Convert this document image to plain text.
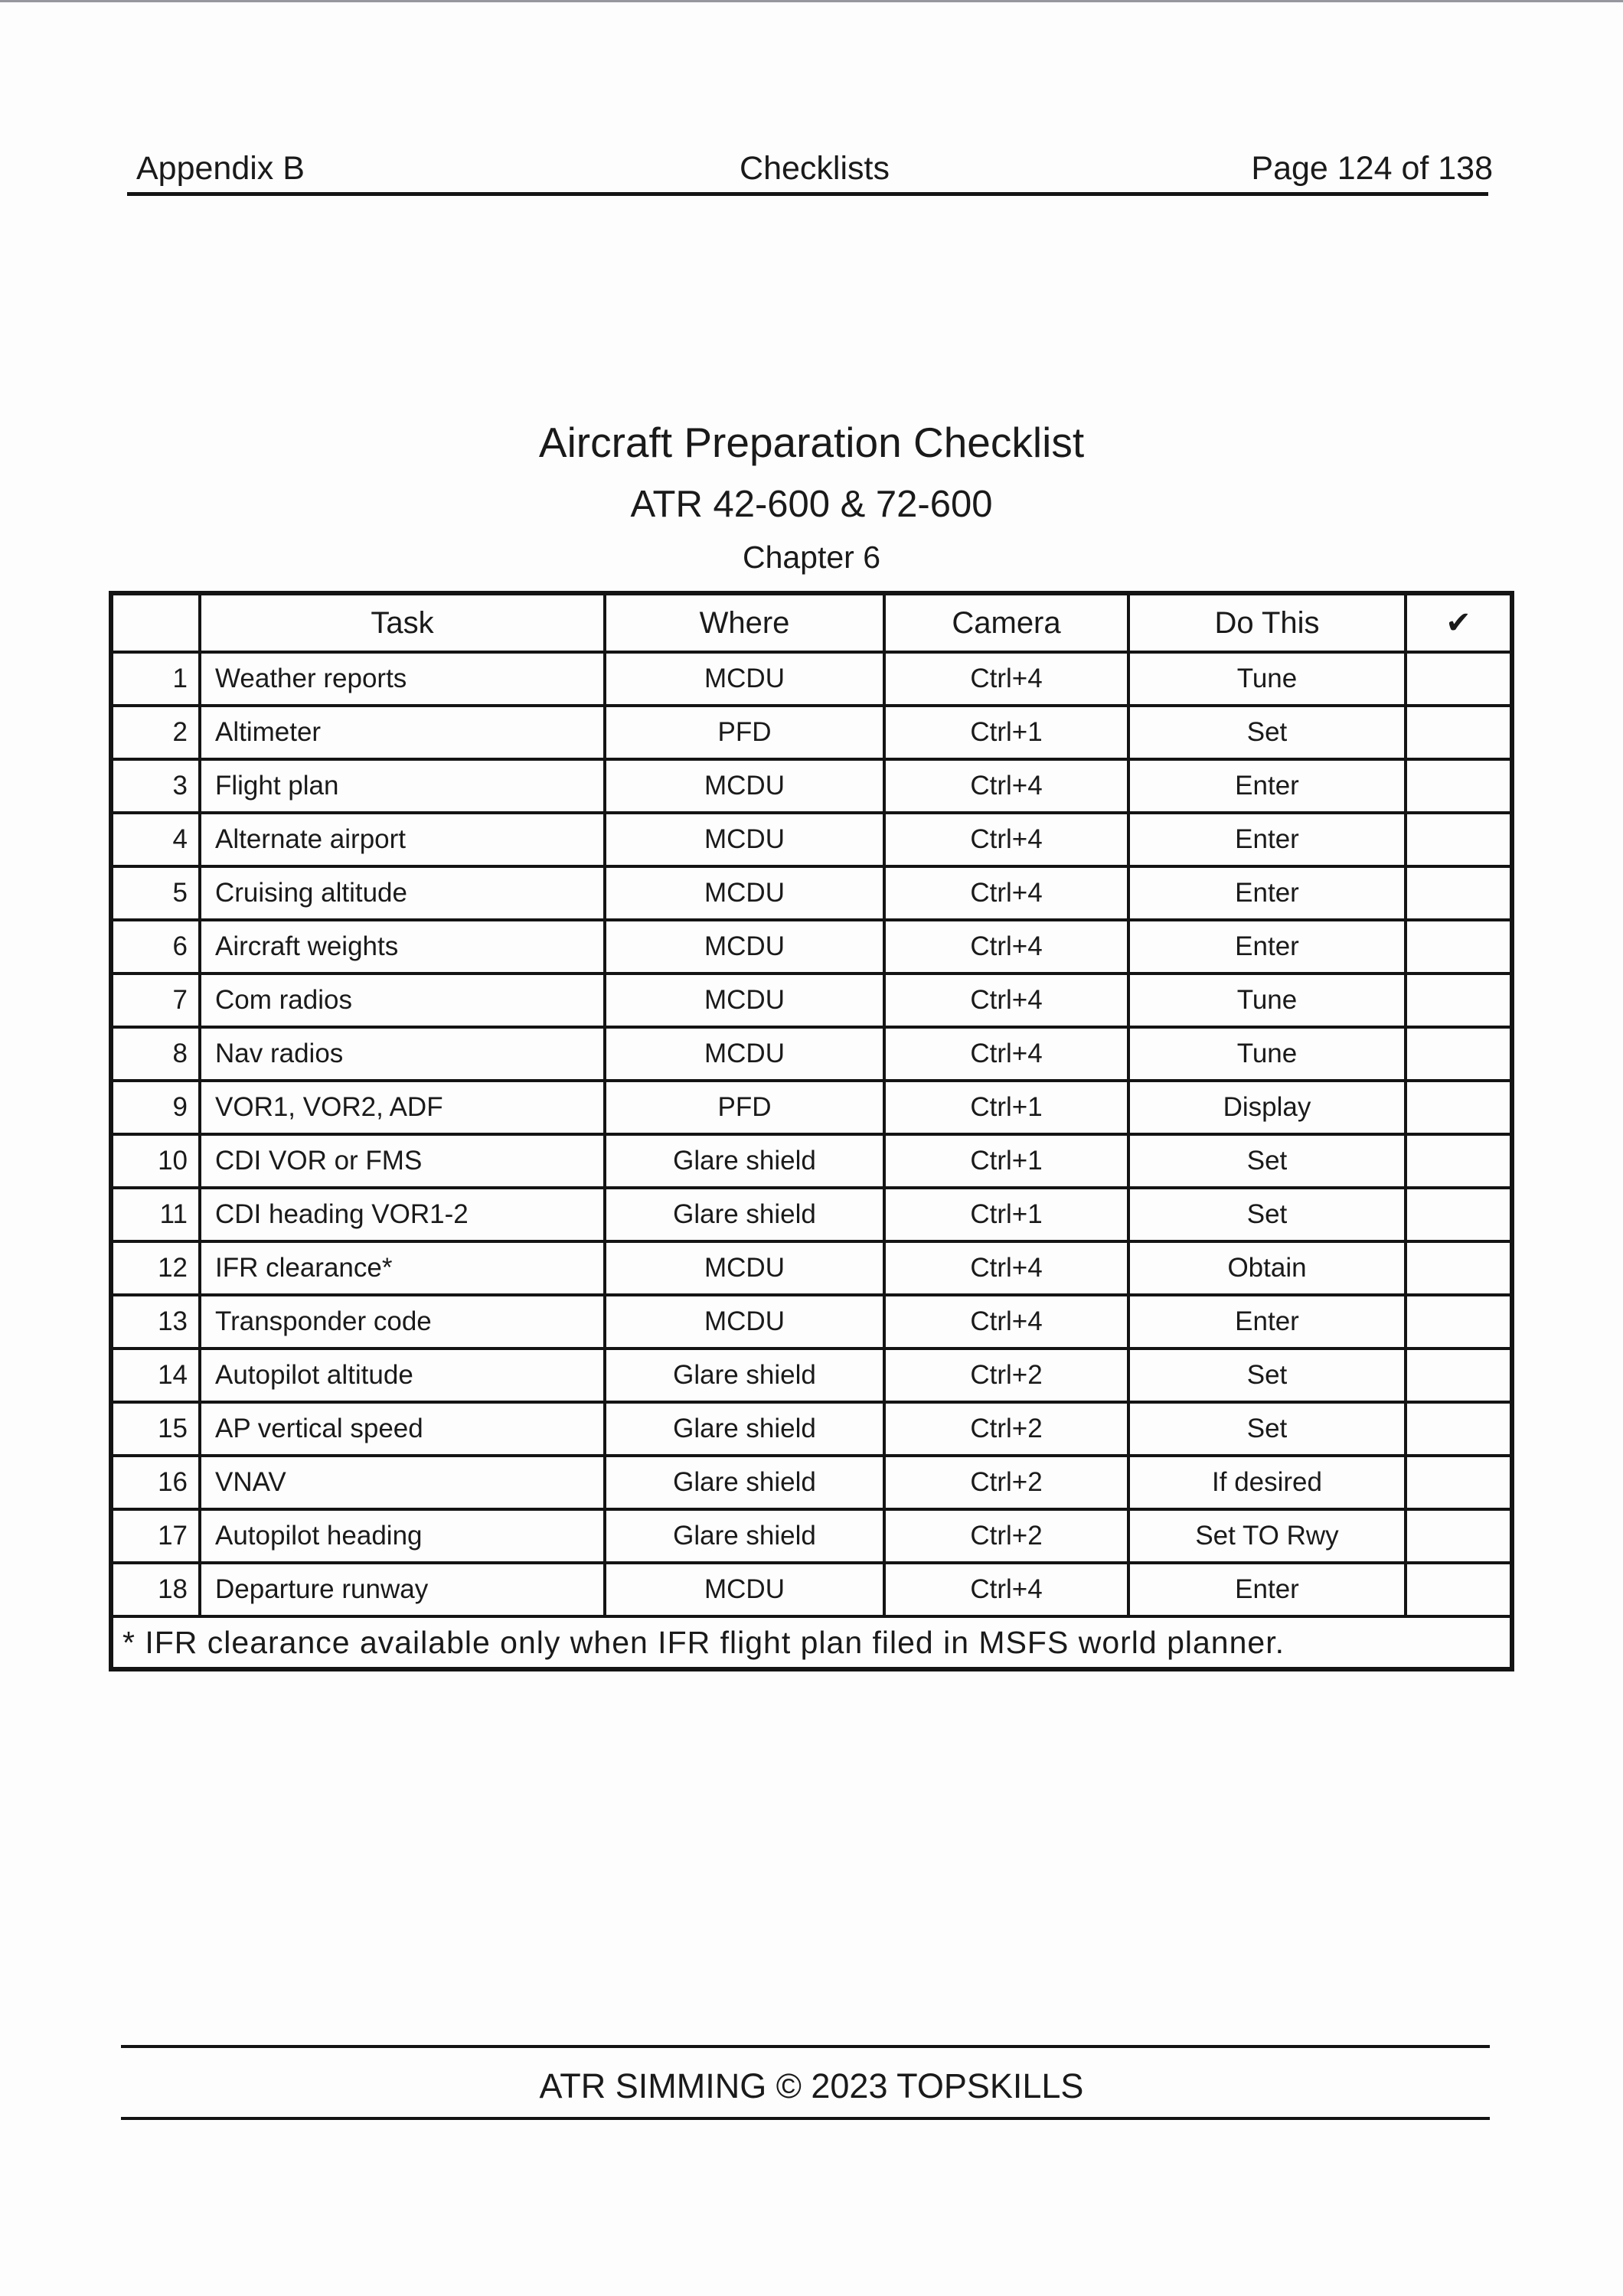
Appendix B	Checklists	Page 124 of 138
Aircraft Preparation Checklist
ATR 42-600 & 72-600
Chapter 6
	Task	Where	Camera	Do This	✔
1	Weather reports	MCDU	Ctrl+4	Tune	
2	Altimeter	PFD	Ctrl+1	Set	
3	Flight plan	MCDU	Ctrl+4	Enter	
4	Alternate airport	MCDU	Ctrl+4	Enter	
5	Cruising altitude	MCDU	Ctrl+4	Enter	
6	Aircraft weights	MCDU	Ctrl+4	Enter	
7	Com radios	MCDU	Ctrl+4	Tune	
8	Nav radios	MCDU	Ctrl+4	Tune	
9	VOR1, VOR2, ADF	PFD	Ctrl+1	Display	
10	CDI VOR or FMS	Glare shield	Ctrl+1	Set	
11	CDI heading VOR1-2	Glare shield	Ctrl+1	Set	
12	IFR clearance*	MCDU	Ctrl+4	Obtain	
13	Transponder code	MCDU	Ctrl+4	Enter	
14	Autopilot altitude	Glare shield	Ctrl+2	Set	
15	AP vertical speed	Glare shield	Ctrl+2	Set	
16	VNAV	Glare shield	Ctrl+2	If desired	
17	Autopilot heading	Glare shield	Ctrl+2	Set TO Rwy	
18	Departure runway	MCDU	Ctrl+4	Enter	
* IFR clearance available only when IFR flight plan filed in MSFS world planner.					
ATR SIMMING © 2023 TOPSKILLS
